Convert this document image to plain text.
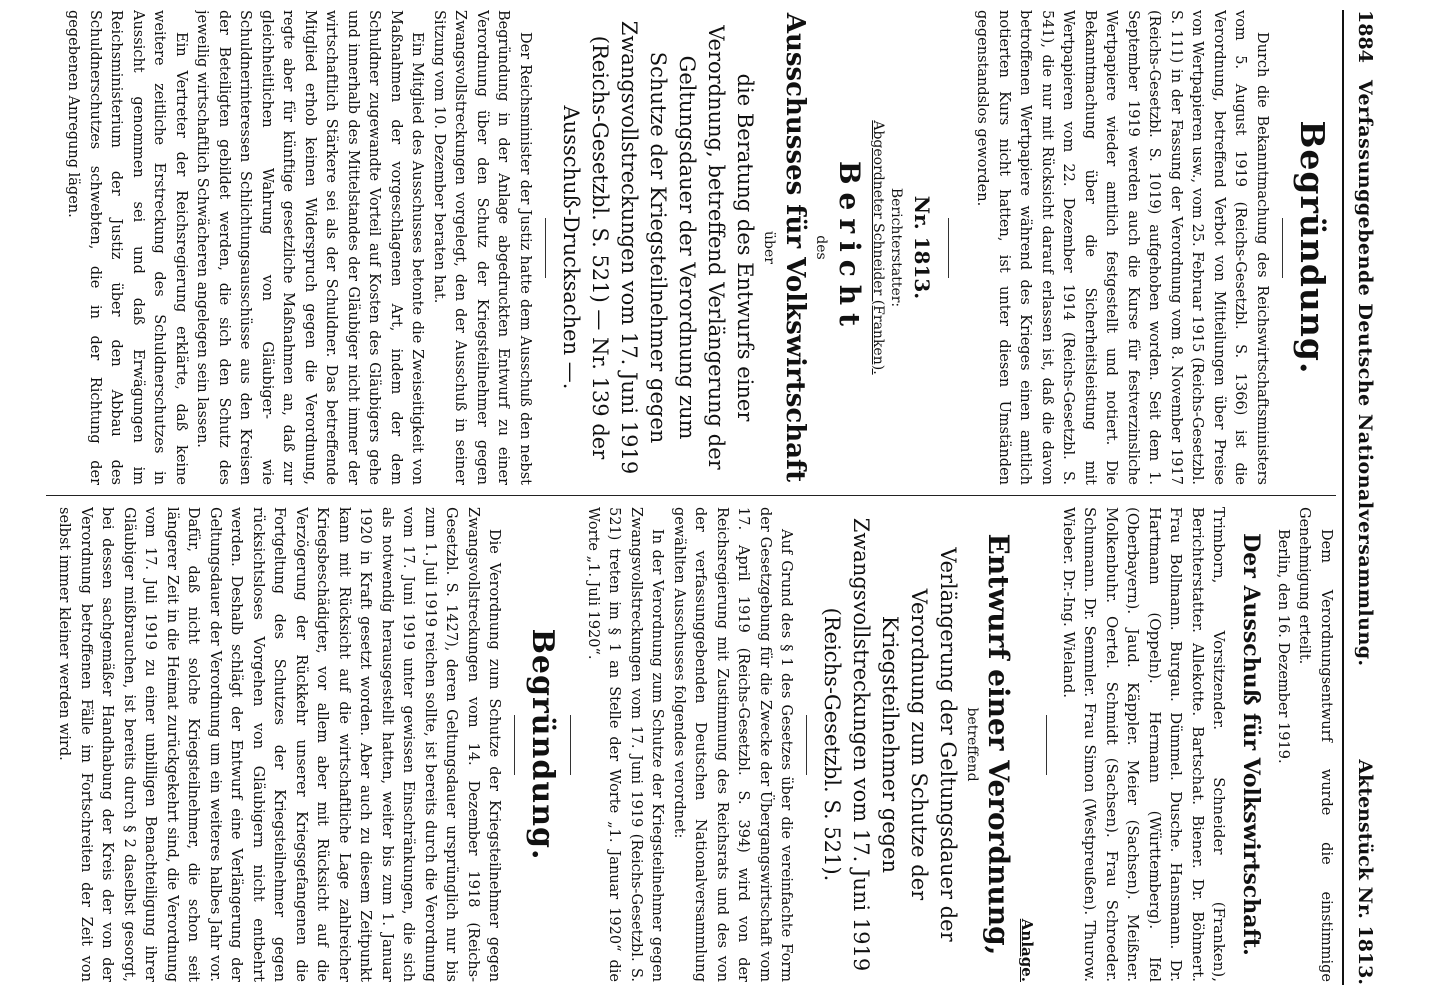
1884
Verfassunggebende Deutsche Nationalversammlung.
Aktenstück Nr. 1813.
Begründung.

Durch die Bekanntmachung des Reichswirtschaftsministers vom 5. August 1919 (Reichs-Gesetzbl. S. 1366) ist die Verordnung, betreffend Verbot von Mitteilungen über Preise von Wertpapieren usw., vom 25. Februar 1915 (Reichs-Gesetzbl. S. 111) in der Fassung der Verordnung vom 8. November 1917 (Reichs-Gesetzbl. S. 1019) aufgehoben worden. Seit dem 1. September 1919 werden auch die Kurse für festverzinsliche Wertpapiere wieder amtlich festgestellt und notiert. Die Bekanntmachung über die Sicherheitsleistung mit Wertpapieren vom 22. Dezember 1914 (Reichs-Gesetzbl. S. 541), die nur mit Rücksicht darauf erlassen ist, daß die davon betroffenen Wertpapiere während des Krieges einen amtlich notierten Kurs nicht hatten, ist unter diesen Umständen gegenstandslos geworden.

Nr. 1813.
Berichterstatter:
Abgeordneter Schneider (Franken).
Bericht
des
Ausschusses für Volkswirtschaft
über
die Beratung des Entwurfs einer Verordnung, betreffend Verlängerung der Geltungsdauer der Verordnung zum Schutze der Kriegsteilnehmer gegen Zwangsvollstreckungen vom 17. Juni 1919 (Reichs-Gesetzbl. S. 521) — Nr. 139 der Ausschuß-Drucksachen —.

Der Reichsminister der Justiz hatte dem Ausschuß den nebst Begründung in der Anlage abgedruckten Entwurf zu einer Verordnung über den Schutz der Kriegsteilnehmer gegen Zwangsvollstreckungen vorgelegt, den der Ausschuß in seiner Sitzung vom 10. Dezember beraten hat.

Ein Mitglied des Ausschusses betonte die Zweiseitigkeit von Maßnahmen der vorgeschlagenen Art, indem der dem Schuldner zugewandte Vorteil auf Kosten des Gläubigers gehe und innerhalb des Mittelstandes der Gläubiger nicht immer der wirtschaftlich Stärkere sei als der Schuldner. Das betreffende Mitglied erhob keinen Widerspruch gegen die Verordnung, regte aber für künftige gesetzliche Maßnahmen an, daß zur gleichheitlichen Wahrung von Gläubiger- wie Schuldnerinteressen Schlichtungsausschüsse aus den Kreisen der Beteiligten gebildet werden, die sich den Schutz des jeweilig wirtschaftlich Schwächeren angelegen sein lassen.

Ein Vertreter der Reichsregierung erklärte, daß keine weitere zeitliche Erstreckung des Schuldnerschutzes in Aussicht genommen sei und daß Erwägungen im Reichsministerium der Justiz über den Abbau des Schuldnerschutzes schwebten, die in der Richtung der gegebenen Anregung lägen.

Dem Verordnungsentwurf wurde die einstimmige Genehmigung erteilt.

Berlin, den 16. Dezember 1919.

Der Ausschuß für Volkswirtschaft.

Trimborn, Vorsitzender. Schneider (Franken), Berichterstatter. Allekotte. Bartschat. Biener. Dr. Böhmert. Frau Bollmann. Burgau. Dümmel. Dusche. Hansmann. Dr. Hartmann (Oppeln). Hermann (Württemberg). Ifel (Oberbayern). Jaud. Käppler. Meier (Sachsen). Meißner. Molkenbuhr. Oertel. Schmidt (Sachsen). Frau Schroeder. Schumann. Dr. Semmler. Frau Simon (Westpreußen). Thurow. Wieber. Dr.-Ing. Wieland.

Anlage.
Entwurf einer Verordnung,
betreffend
Verlängerung der Geltungsdauer der Verordnung zum Schutze der Kriegsteilnehmer gegen Zwangsvollstreckungen vom 17. Juni 1919 (Reichs-Gesetzbl. S. 521).

Auf Grund des § 1 des Gesetzes über die vereinfachte Form der Gesetzgebung für die Zwecke der Übergangswirtschaft vom 17. April 1919 (Reichs-Gesetzbl. S. 394) wird von der Reichsregierung mit Zustimmung des Reichsrats und des von der verfassunggebenden Deutschen Nationalversammlung gewählten Ausschusses folgendes verordnet:

In der Verordnung zum Schutze der Kriegsteilnehmer gegen Zwangsvollstreckungen vom 17. Juni 1919 (Reichs-Gesetzbl. S. 521) treten im § 1 an Stelle der Worte „1. Januar 1920“ die Worte „1. Juli 1920“.

Begründung.

Die Verordnung zum Schutze der Kriegsteilnehmer gegen Zwangsvollstreckungen vom 14. Dezember 1918 (Reichs-Gesetzbl. S. 1427), deren Geltungsdauer ursprünglich nur bis zum 1. Juli 1919 reichen sollte, ist bereits durch die Verordnung vom 17. Juni 1919 unter gewissen Einschränkungen, die sich als notwendig herausgestellt hatten, weiter bis zum 1. Januar 1920 in Kraft gesetzt worden. Aber auch zu diesem Zeitpunkt kann mit Rücksicht auf die wirtschaftliche Lage zahlreicher Kriegsbeschädigter, vor allem aber mit Rücksicht auf die Verzögerung der Rückkehr unserer Kriegsgefangenen die Fortgeltung des Schutzes der Kriegsteilnehmer gegen rücksichtsloses Vorgehen von Gläubigern nicht entbehrt werden. Deshalb schlägt der Entwurf eine Verlängerung der Geltungsdauer der Verordnung um ein weiteres halbes Jahr vor. Dafür, daß nicht solche Kriegsteilnehmer, die schon seit längerer Zeit in die Heimat zurückgekehrt sind, die Verordnung vom 17. Juli 1919 zu einer unbilligen Benachteiligung ihrer Gläubiger mißbrauchen, ist bereits durch § 2 daselbst gesorgt, bei dessen sachgemäßer Handhabung der Kreis der von der Verordnung betroffenen Fälle im Fortschreiten der Zeit von selbst immer kleiner werden wird.
